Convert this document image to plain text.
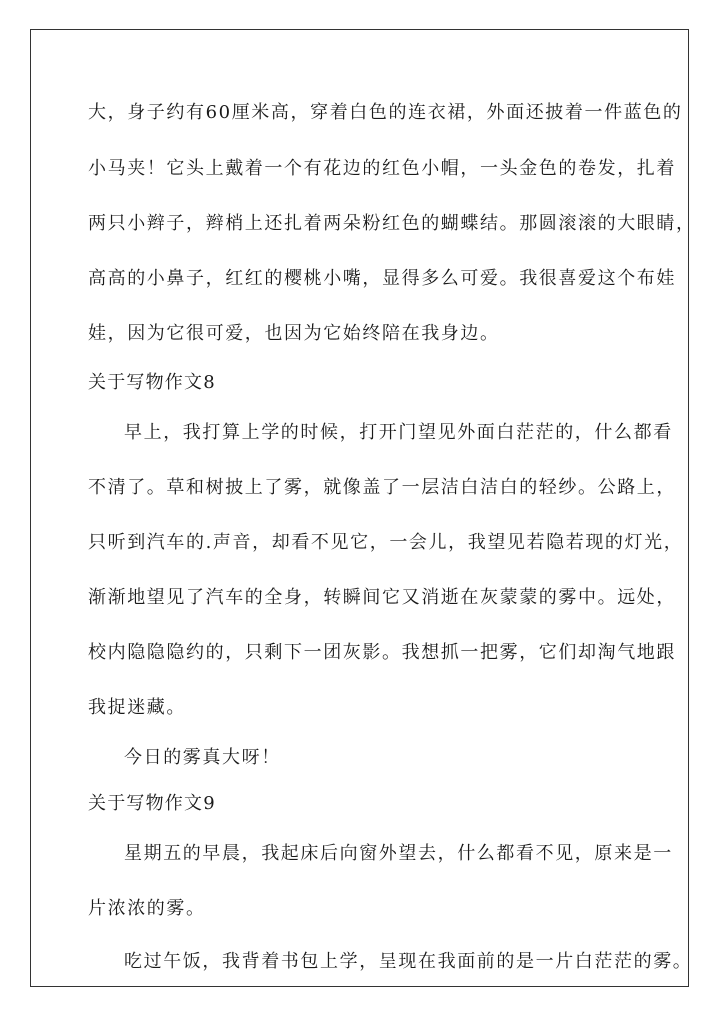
大，身子约有60厘米高，穿着白色的连衣裙，外面还披着一件蓝色的
小马夹！它头上戴着一个有花边的红色小帽，一头金色的卷发，扎着
两只小辫子，辫梢上还扎着两朵粉红色的蝴蝶结。那圆滚滚的大眼睛，
高高的小鼻子，红红的樱桃小嘴，显得多么可爱。我很喜爱这个布娃
娃，因为它很可爱，也因为它始终陪在我身边。
关于写物作文8
早上，我打算上学的时候，打开门望见外面白茫茫的，什么都看
不清了。草和树披上了雾，就像盖了一层洁白洁白的轻纱。公路上，
只听到汽车的.声音，却看不见它，一会儿，我望见若隐若现的灯光，
渐渐地望见了汽车的全身，转瞬间它又消逝在灰蒙蒙的雾中。远处，
校内隐隐隐约的，只剩下一团灰影。我想抓一把雾，它们却淘气地跟
我捉迷藏。
今日的雾真大呀！
关于写物作文9
星期五的早晨，我起床后向窗外望去，什么都看不见，原来是一
片浓浓的雾。
吃过午饭，我背着书包上学，呈现在我面前的是一片白茫茫的雾。
